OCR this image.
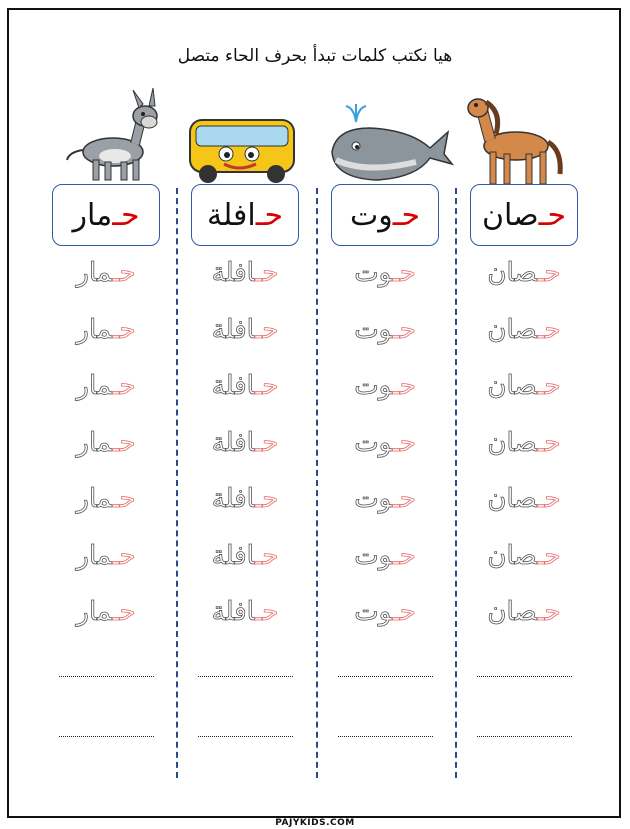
هيا نكتب كلمات تبدأ بحرف الحاء متصل
حـ
مار	حـ
افلة	حـ
وت	حـ
صان
حـمار
حـمار
حـمار
حـمار
حـمار
حـمار
حـمار
حـافلة
حـافلة
حـافلة
حـافلة
حـافلة
حـافلة
حـافلة
حـوت
حـوت
حـوت
حـوت
حـوت
حـوت
حـوت
حـصان
حـصان
حـصان
حـصان
حـصان
حـصان
حـصان
PAJYKIDS.COM
